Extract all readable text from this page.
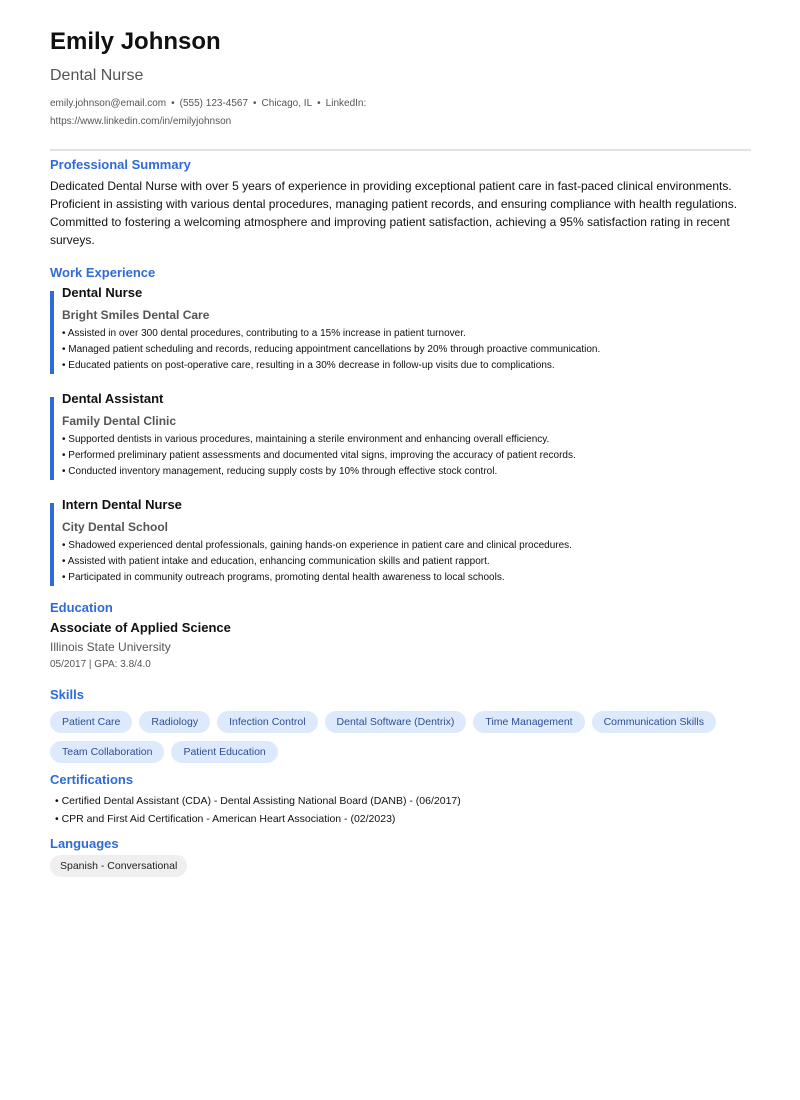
Emily Johnson
Dental Nurse
emily.johnson@email.com • (555) 123-4567 • Chicago, IL • LinkedIn: https://www.linkedin.com/in/emilyjohnson
Professional Summary

Dedicated Dental Nurse with over 5 years of experience in providing exceptional patient care in fast-paced clinical environments. Proficient in assisting with various dental procedures, managing patient records, and ensuring compliance with health regulations. Committed to fostering a welcoming atmosphere and improving patient satisfaction, achieving a 95% satisfaction rating in recent surveys.

Work Experience
Dental Nurse
Bright Smiles Dental Care
• Assisted in over 300 dental procedures, contributing to a 15% increase in patient turnover.
• Managed patient scheduling and records, reducing appointment cancellations by 20% through proactive communication.
• Educated patients on post-operative care, resulting in a 30% decrease in follow-up visits due to complications.
Dental Assistant
Family Dental Clinic
• Supported dentists in various procedures, maintaining a sterile environment and enhancing overall efficiency.
• Performed preliminary patient assessments and documented vital signs, improving the accuracy of patient records.
• Conducted inventory management, reducing supply costs by 10% through effective stock control.
Intern Dental Nurse
City Dental School
• Shadowed experienced dental professionals, gaining hands-on experience in patient care and clinical procedures.
• Assisted with patient intake and education, enhancing communication skills and patient rapport.
• Participated in community outreach programs, promoting dental health awareness to local schools.
Education
Associate of Applied Science
Illinois State University
05/2017 | GPA: 3.8/4.0
Skills
Patient Care	Radiology	Infection Control	Dental Software (Dentrix)	Time Management	Communication Skills
Team Collaboration	Patient Education
Certifications
• Certified Dental Assistant (CDA) - Dental Assisting National Board (DANB) - (06/2017)
• CPR and First Aid Certification - American Heart Association - (02/2023)
Languages
Spanish - Conversational
